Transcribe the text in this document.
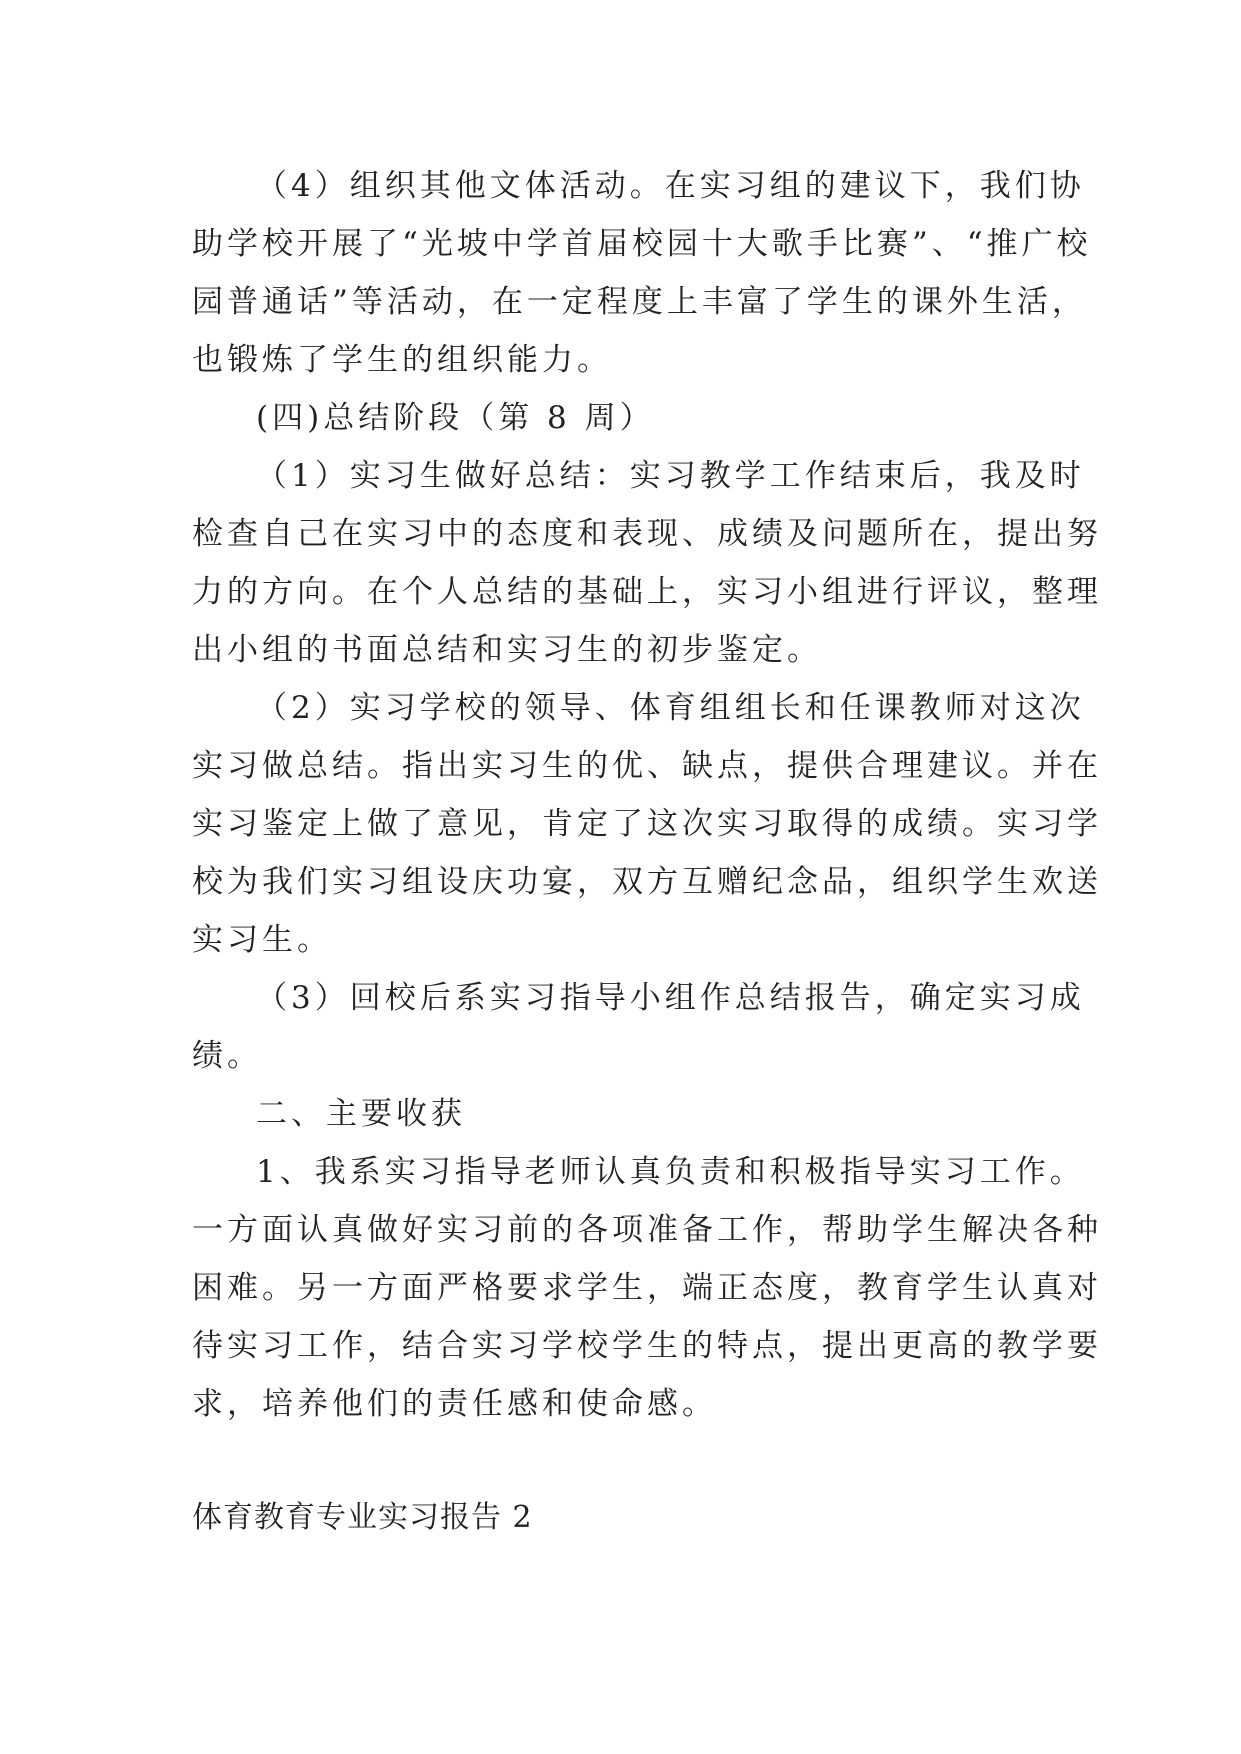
（4）组织其他文体活动。在实习组的建议下，我们协

助学校开展了“光坡中学首届校园十大歌手比赛”、“推广校

园普通话”等活动，在一定程度上丰富了学生的课外生活，

也锻炼了学生的组织能力。

(四)总结阶段（第 8 周）

（1）实习生做好总结：实习教学工作结束后，我及时

检查自己在实习中的态度和表现、成绩及问题所在，提出努

力的方向。在个人总结的基础上，实习小组进行评议，整理

出小组的书面总结和实习生的初步鉴定。

（2）实习学校的领导、体育组组长和任课教师对这次

实习做总结。指出实习生的优、缺点，提供合理建议。并在

实习鉴定上做了意见，肯定了这次实习取得的成绩。实习学

校为我们实习组设庆功宴，双方互赠纪念品，组织学生欢送

实习生。

（3）回校后系实习指导小组作总结报告，确定实习成

绩。

二、主要收获

1、我系实习指导老师认真负责和积极指导实习工作。

一方面认真做好实习前的各项准备工作，帮助学生解决各种

困难。另一方面严格要求学生，端正态度，教育学生认真对

待实习工作，结合实习学校学生的特点，提出更高的教学要

求，培养他们的责任感和使命感。

体育教育专业实习报告 2
